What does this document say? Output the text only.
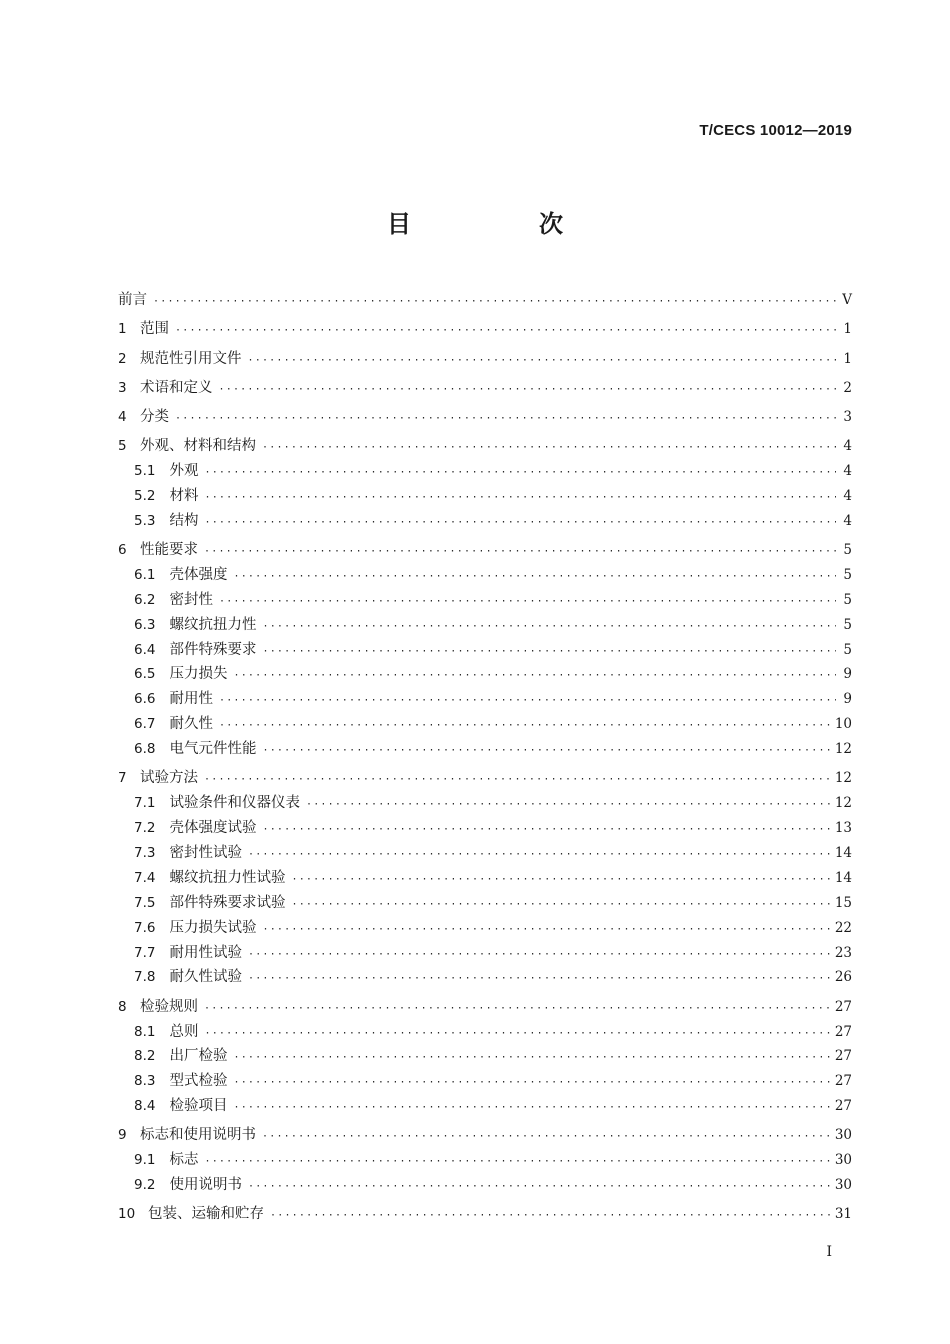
T/CECS 10012—2019
目　次
前言 ·····	V
1 范围 ·····	1
2 规范性引用文件 ·····	1
3 术语和定义 ·····	2
4 分类 ·····	3
5 外观、材料和结构 ·····	4
5.1 外观 ·····	4
5.2 材料 ·····	4
5.3 结构 ·····	4
6 性能要求 ·····	5
6.1 壳体强度 ·····	5
6.2 密封性 ·····	5
6.3 螺纹抗扭力性 ·····	5
6.4 部件特殊要求 ·····	5
6.5 压力损失 ·····	9
6.6 耐用性 ·····	9
6.7 耐久性 ·····	10
6.8 电气元件性能 ·····	12
7 试验方法 ·····	12
7.1 试验条件和仪器仪表 ·····	12
7.2 壳体强度试验 ·····	13
7.3 密封性试验 ·····	14
7.4 螺纹抗扭力性试验 ·····	14
7.5 部件特殊要求试验 ·····	15
7.6 压力损失试验 ·····	22
7.7 耐用性试验 ·····	23
7.8 耐久性试验 ·····	26
8 检验规则 ·····	27
8.1 总则 ·····	27
8.2 出厂检验 ·····	27
8.3 型式检验 ·····	27
8.4 检验项目 ·····	27
9 标志和使用说明书 ·····	30
9.1 标志 ·····	30
9.2 使用说明书 ·····	30
10 包装、运输和贮存 ·····	31
I
